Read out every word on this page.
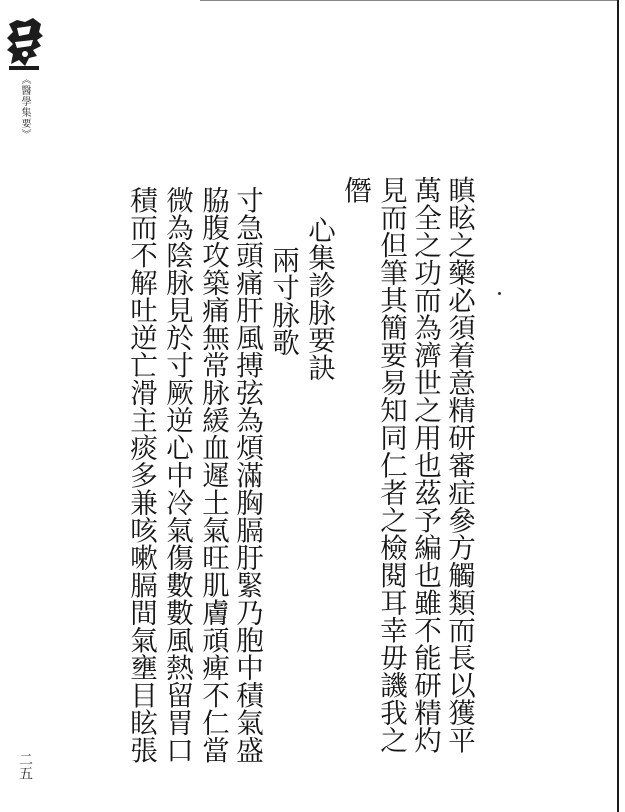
《醫學集要》
瞋眩之藥必須着意精研審症參方觸類而長以獲平
萬全之功而為濟世之用也茲予編也雖不能研精灼
見而但筆其簡要易知同仁者之檢閱耳幸毋譏我之
僭
心集診脉要訣
兩寸脉歌
寸急頭痛肝風搏弦為煩滿胸膈䏏緊乃胞中積氣盛
脇腹攻築痛無常脉緩血遲土氣旺肌膚頑痺不仁當
微為陰脉見於寸厥逆心中冷氣傷數數風熱留胃口
積而不解吐逆亡滑主痰多兼咳嗽膈間氣壅目眩張
二五
